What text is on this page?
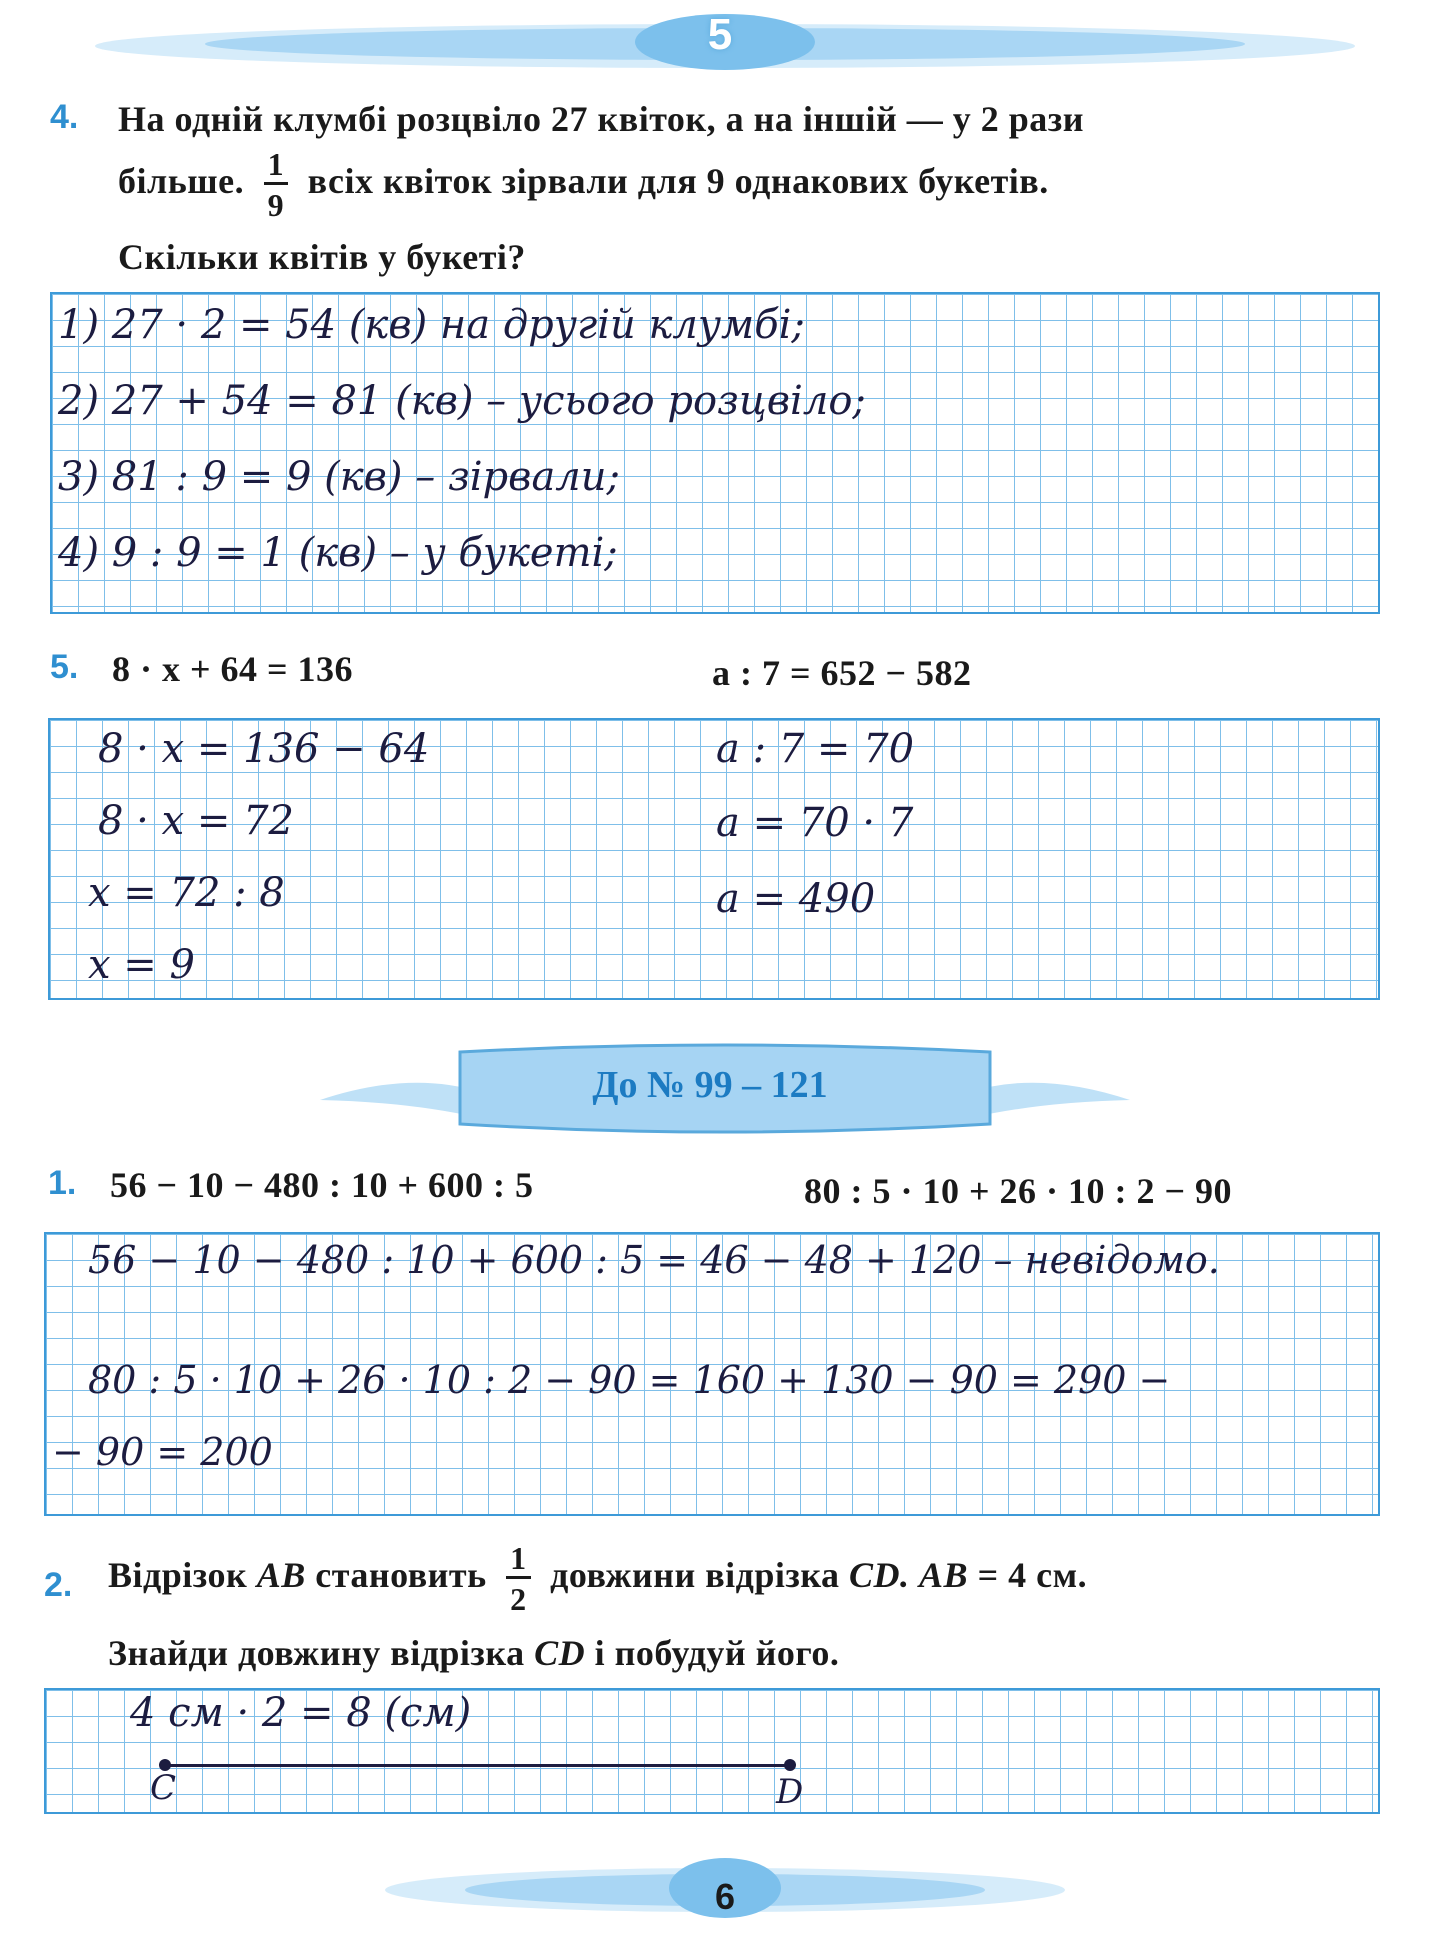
5
4. На одній клумбі розцвіло 27 квіток, а на іншій — у 2 рази
більше. $\frac{1}{9}$ всіх квіток зірвали для 9 однакових букетів.
Скільки квітів у букеті?
1) 27 · 2 = 54 (кв) на другій клумбі;
2) 27 + 54 = 81 (кв) – усього розцвіло;
3) 81 : 9 = 9 (кв) – зірвали;
4) 9 : 9 = 1 (кв) – у букеті;
5. 8 · x + 64 = 136	a : 7 = 652 − 582
8 · x = 136 − 64
8 · x = 72
x = 72 : 8
x = 9
a : 7 = 70
a = 70 · 7
a = 490
До № 99 – 121
1. 56 − 10 − 480 : 10 + 600 : 5	80 : 5 · 10 + 26 · 10 : 2 − 90
56 − 10 − 480 : 10 + 600 : 5 = 46 − 48 + 120 – невідомо.
80 : 5 · 10 + 26 · 10 : 2 − 90 = 160 + 130 − 90 = 290 −
− 90 = 200
2. Відрізок AB становить $\frac{1}{2}$ довжини відрізка CD. AB = 4 см.
Знайди довжину відрізка CD і побудуй його.
4 см · 2 = 8 (см)
C	D
6
